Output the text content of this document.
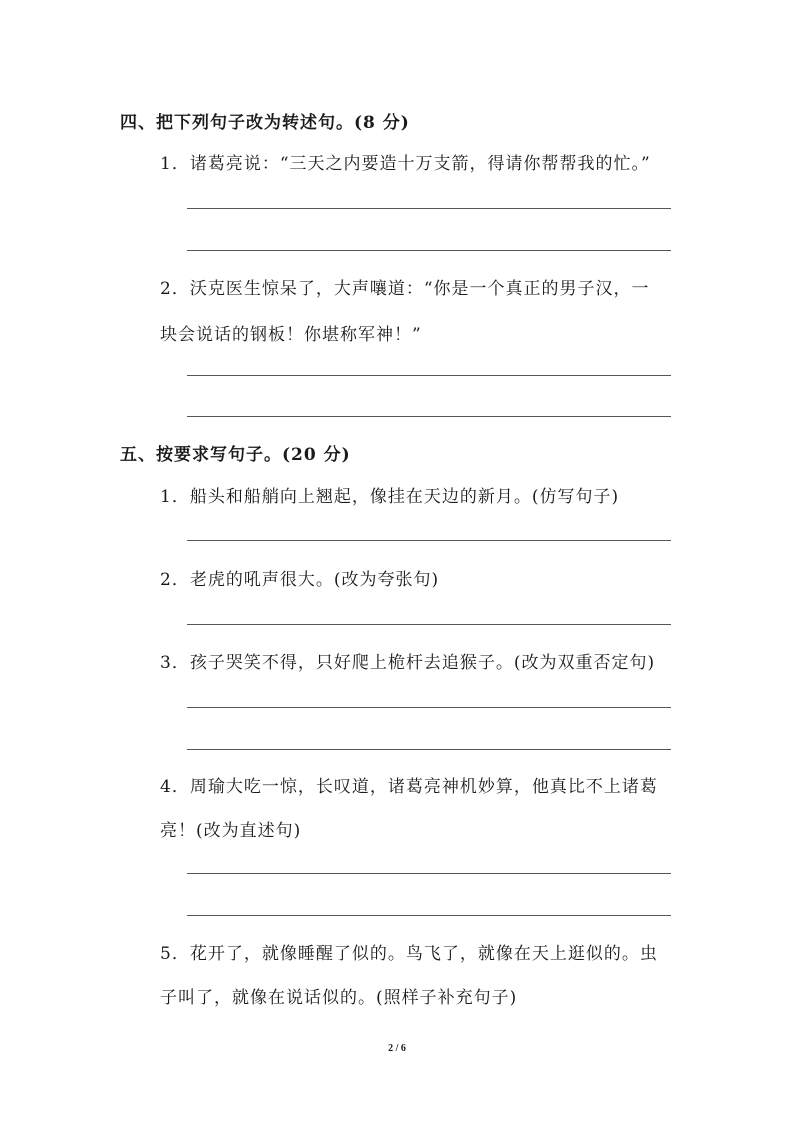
四、把下列句子改为转述句。(8 分)
1．诸葛亮说：“三天之内要造十万支箭，得请你帮帮我的忙。”
2．沃克医生惊呆了，大声嚷道：“你是一个真正的男子汉，一
块会说话的钢板！你堪称军神！”
五、按要求写句子。(20 分)
1．船头和船艄向上翘起，像挂在天边的新月。(仿写句子)
2．老虎的吼声很大。(改为夸张句)
3．孩子哭笑不得，只好爬上桅杆去追猴子。(改为双重否定句)
4．周瑜大吃一惊，长叹道，诸葛亮神机妙算，他真比不上诸葛
亮！(改为直述句)
5．花开了，就像睡醒了似的。鸟飞了，就像在天上逛似的。虫
子叫了，就像在说话似的。(照样子补充句子)
2 / 6
